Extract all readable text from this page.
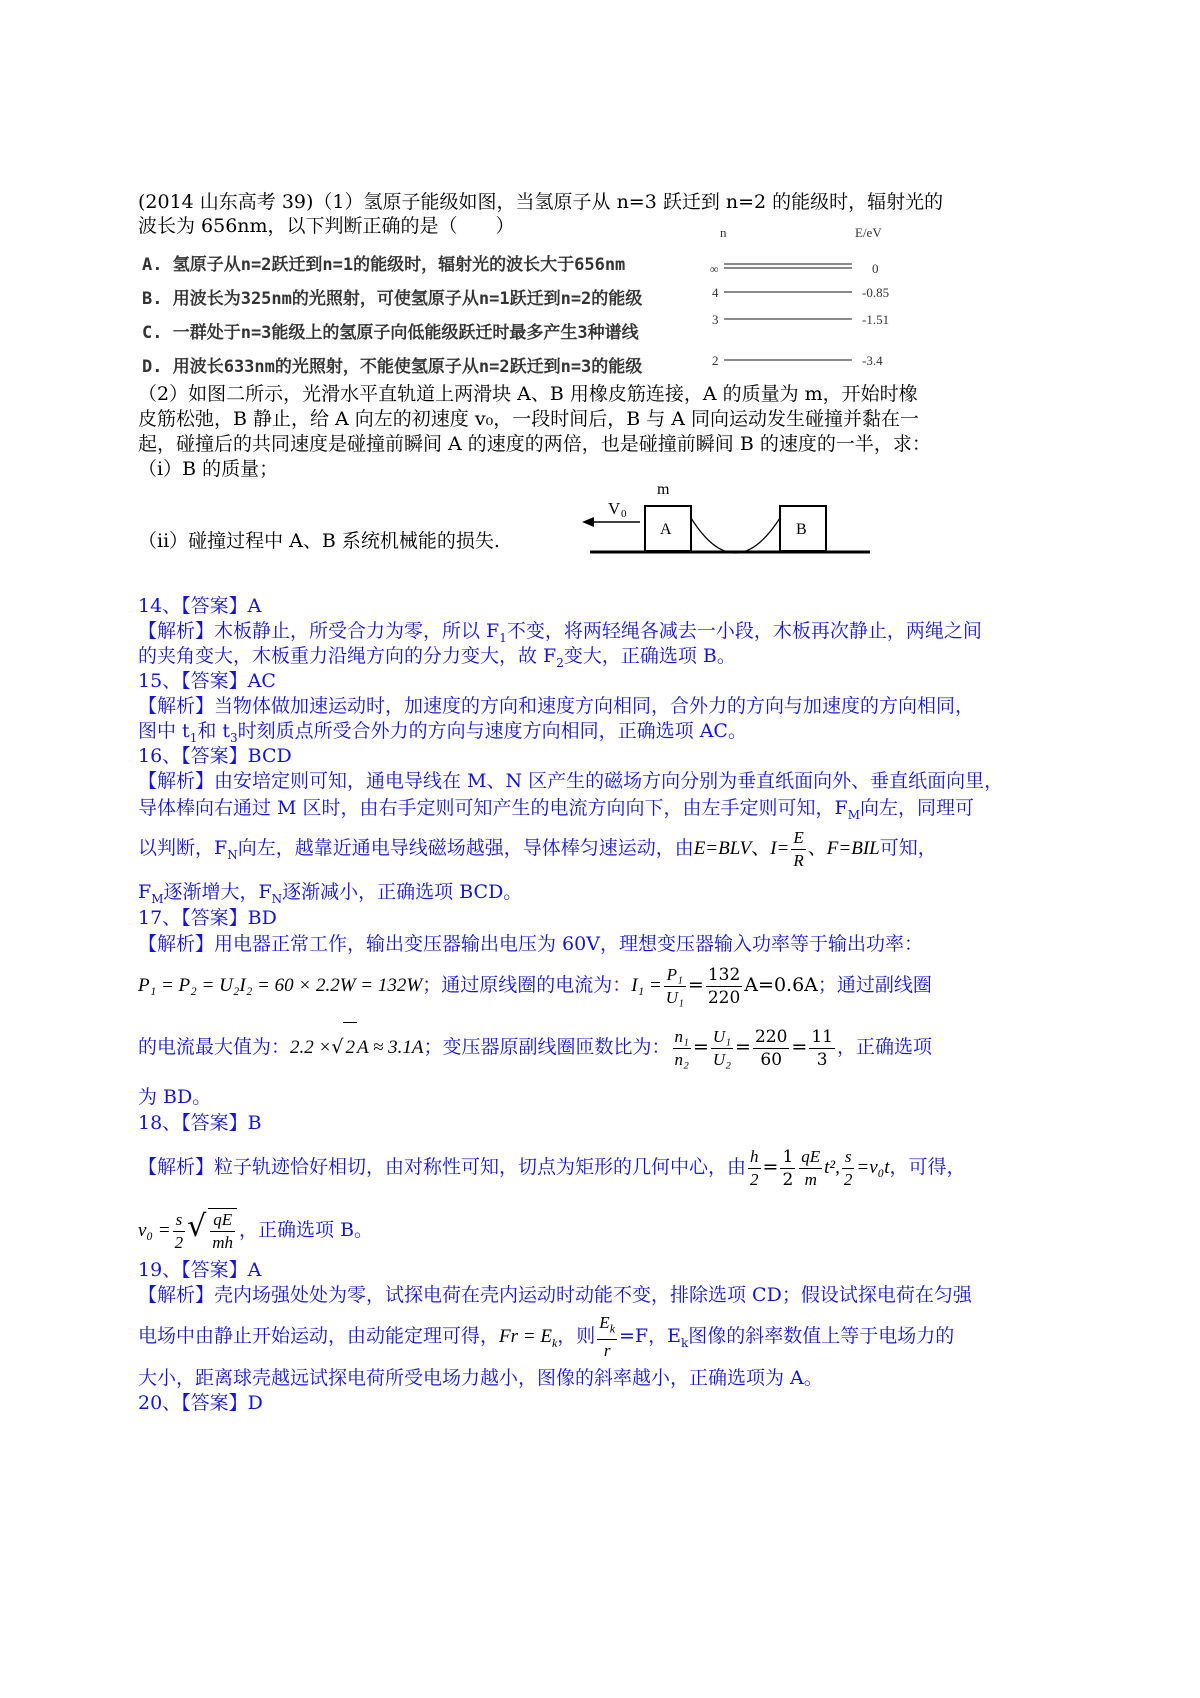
(2014 山东高考 39)（1）氢原子能级如图，当氢原子从 n=3 跃迁到 n=2 的能级时，辐射光的
波长为 656nm，以下判断正确的是（　　）
A. 氢原子从n=2跃迁到n=1的能级时，辐射光的波长大于656nm
B. 用波长为325nm的光照射，可使氢原子从n=1跃迁到n=2的能级
C. 一群处于n=3能级上的氢原子向低能级跃迁时最多产生3种谱线
D. 用波长633nm的光照射，不能使氢原子从n=2跃迁到n=3的能级
n	E/eV
∞	0
4	-0.85
3	-1.51
2	-3.4
（2）如图二所示，光滑水平直轨道上两滑块 A、B 用橡皮筋连接，A 的质量为 m，开始时橡
皮筋松弛，B 静止，给 A 向左的初速度 v₀，一段时间后，B 与 A 同向运动发生碰撞并黏在一
起，碰撞后的共同速度是碰撞前瞬间 A 的速度的两倍，也是碰撞前瞬间 B 的速度的一半，求：
（i）B 的质量；
（ii）碰撞过程中 A、B 系统机械能的损失.
V 0
m
A	B
14、【答案】A
【解析】木板静止，所受合力为零，所以 $F_1$不变，将两轻绳各减去一小段，木板再次静止，两绳之间
的夹角变大，木板重力沿绳方向的分力变大，故 $F_2$变大，正确选项 B。
15、【答案】AC
【解析】当物体做加速运动时，加速度的方向和速度方向相同，合外力的方向与加速度的方向相同，
图中 $t_1$和 $t_3$时刻质点所受合外力的方向与速度方向相同，正确选项 AC。
16、【答案】BCD
【解析】由安培定则可知，通电导线在 M、N 区产生的磁场方向分别为垂直纸面向外、垂直纸面向里，
导体棒向右通过 M 区时，由右手定则可知产生的电流方向向下，由左手定则可知，$F_M$向左，同理可
以判断，$F_N$向左，越靠近通电导线磁场越强，导体棒匀速运动，由E=BLV、$I= \frac{E}{R}$ 、F=BIL可知，
$F_M$逐渐增大，$F_N$逐渐减小，正确选项 BCD。
17、【答案】BD
【解析】用电器正常工作，输出变压器输出电压为 60V，理想变压器输入功率等于输出功率：
P₁ = P₂ = U₂I₂ = 60 × 2.2W = 132W；通过原线圈的电流为：$I_1 = \frac{\text{P₁}}{\text{U₁}} = \frac{132}{220} A=0.6A$；通过副线圈
的电流最大值为：2.2 ×√ 2 A ≈ 3.1A；变压器原副线圈匝数比为： $\frac{\text{n₁}}{\text{n₂}} = \frac{\text{U₁}}{\text{U₂}} = \frac{220}{60} = \frac{11}{3}$ ，正确选项
为 BD。
18、【答案】B
【解析】粒子轨迹恰好相切，由对称性可知，切点为矩形的几何中心，由 $\frac{h}{2} = \frac{1}{2} \frac{qE}{m} t^2$, $\frac{s}{2} =v_0t$，可得，
$v_0 = \frac{s}{2}$ √ $\frac{qE}{mh}$ ，正确选项 B。
19、【答案】A
【解析】壳内场强处处为零，试探电荷在壳内运动时动能不变，排除选项 CD；假设试探电荷在匀强
电场中由静止开始运动，由动能定理可得，$Fr = E_k$，则 $\frac{E_k}{r} =F$，$E_k$图像的斜率数值上等于电场力的
大小，距离球壳越远试探电荷所受电场力越小，图像的斜率越小，正确选项为 A。
20、【答案】D
